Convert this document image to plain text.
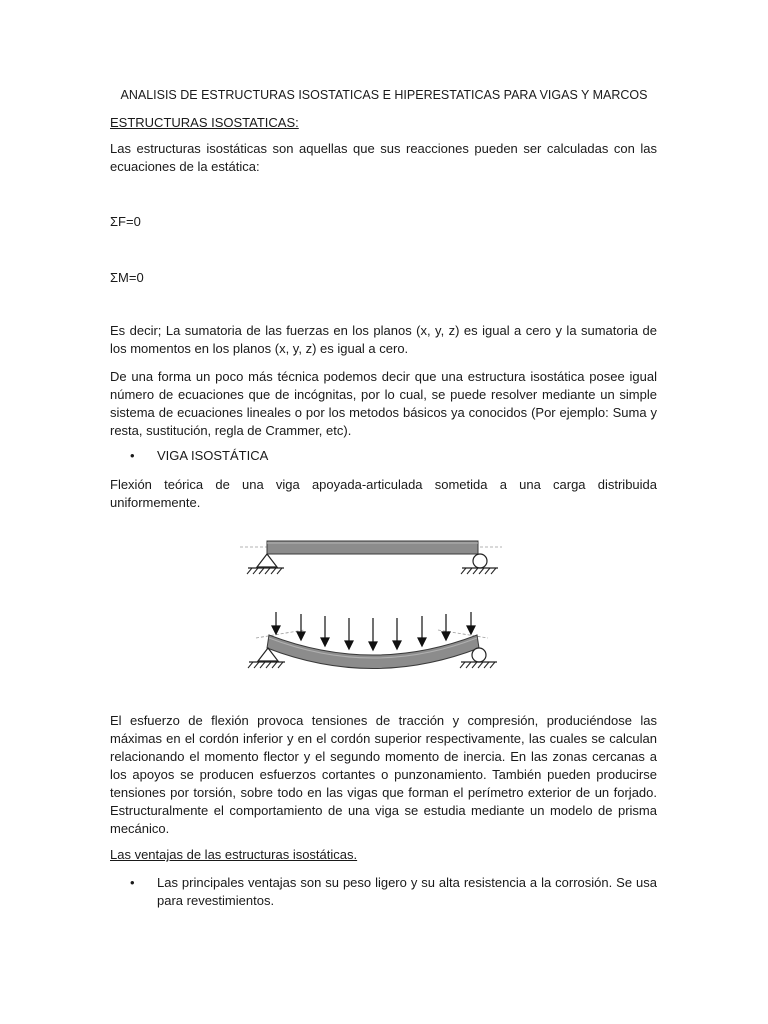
ANALISIS DE ESTRUCTURAS ISOSTATICAS E HIPERESTATICAS PARA VIGAS Y MARCOS

ESTRUCTURAS ISOSTATICAS:

Las estructuras isostáticas son aquellas que sus reacciones pueden ser calculadas con las ecuaciones de la estática:

ΣF=0

ΣM=0

Es decir; La sumatoria de las fuerzas en los planos (x, y, z) es igual a cero y la sumatoria de los momentos en los planos (x, y, z) es igual a cero.

De una forma un poco más técnica podemos decir que una estructura isostática posee igual número de ecuaciones que de incógnitas, por lo cual, se puede resolver mediante un simple sistema de ecuaciones lineales o por los metodos básicos ya conocidos (Por ejemplo: Suma y resta, sustitución, regla de Crammer, etc).

• VIGA ISOSTÁTICA

Flexión teórica de una viga apoyada-articulada sometida a una carga distribuida uniformemente.

El esfuerzo de flexión provoca tensiones de tracción y compresión, produciéndose las máximas en el cordón inferior y en el cordón superior respectivamente, las cuales se calculan relacionando el momento flector y el segundo momento de inercia. En las zonas cercanas a los apoyos se producen esfuerzos cortantes o punzonamiento. También pueden producirse tensiones por torsión, sobre todo en las vigas que forman el perímetro exterior de un forjado. Estructuralmente el comportamiento de una viga se estudia mediante un modelo de prisma mecánico.

Las ventajas de las estructuras isostáticas.

• Las principales ventajas son su peso ligero y su alta resistencia a la corrosión. Se usa para revestimientos.
